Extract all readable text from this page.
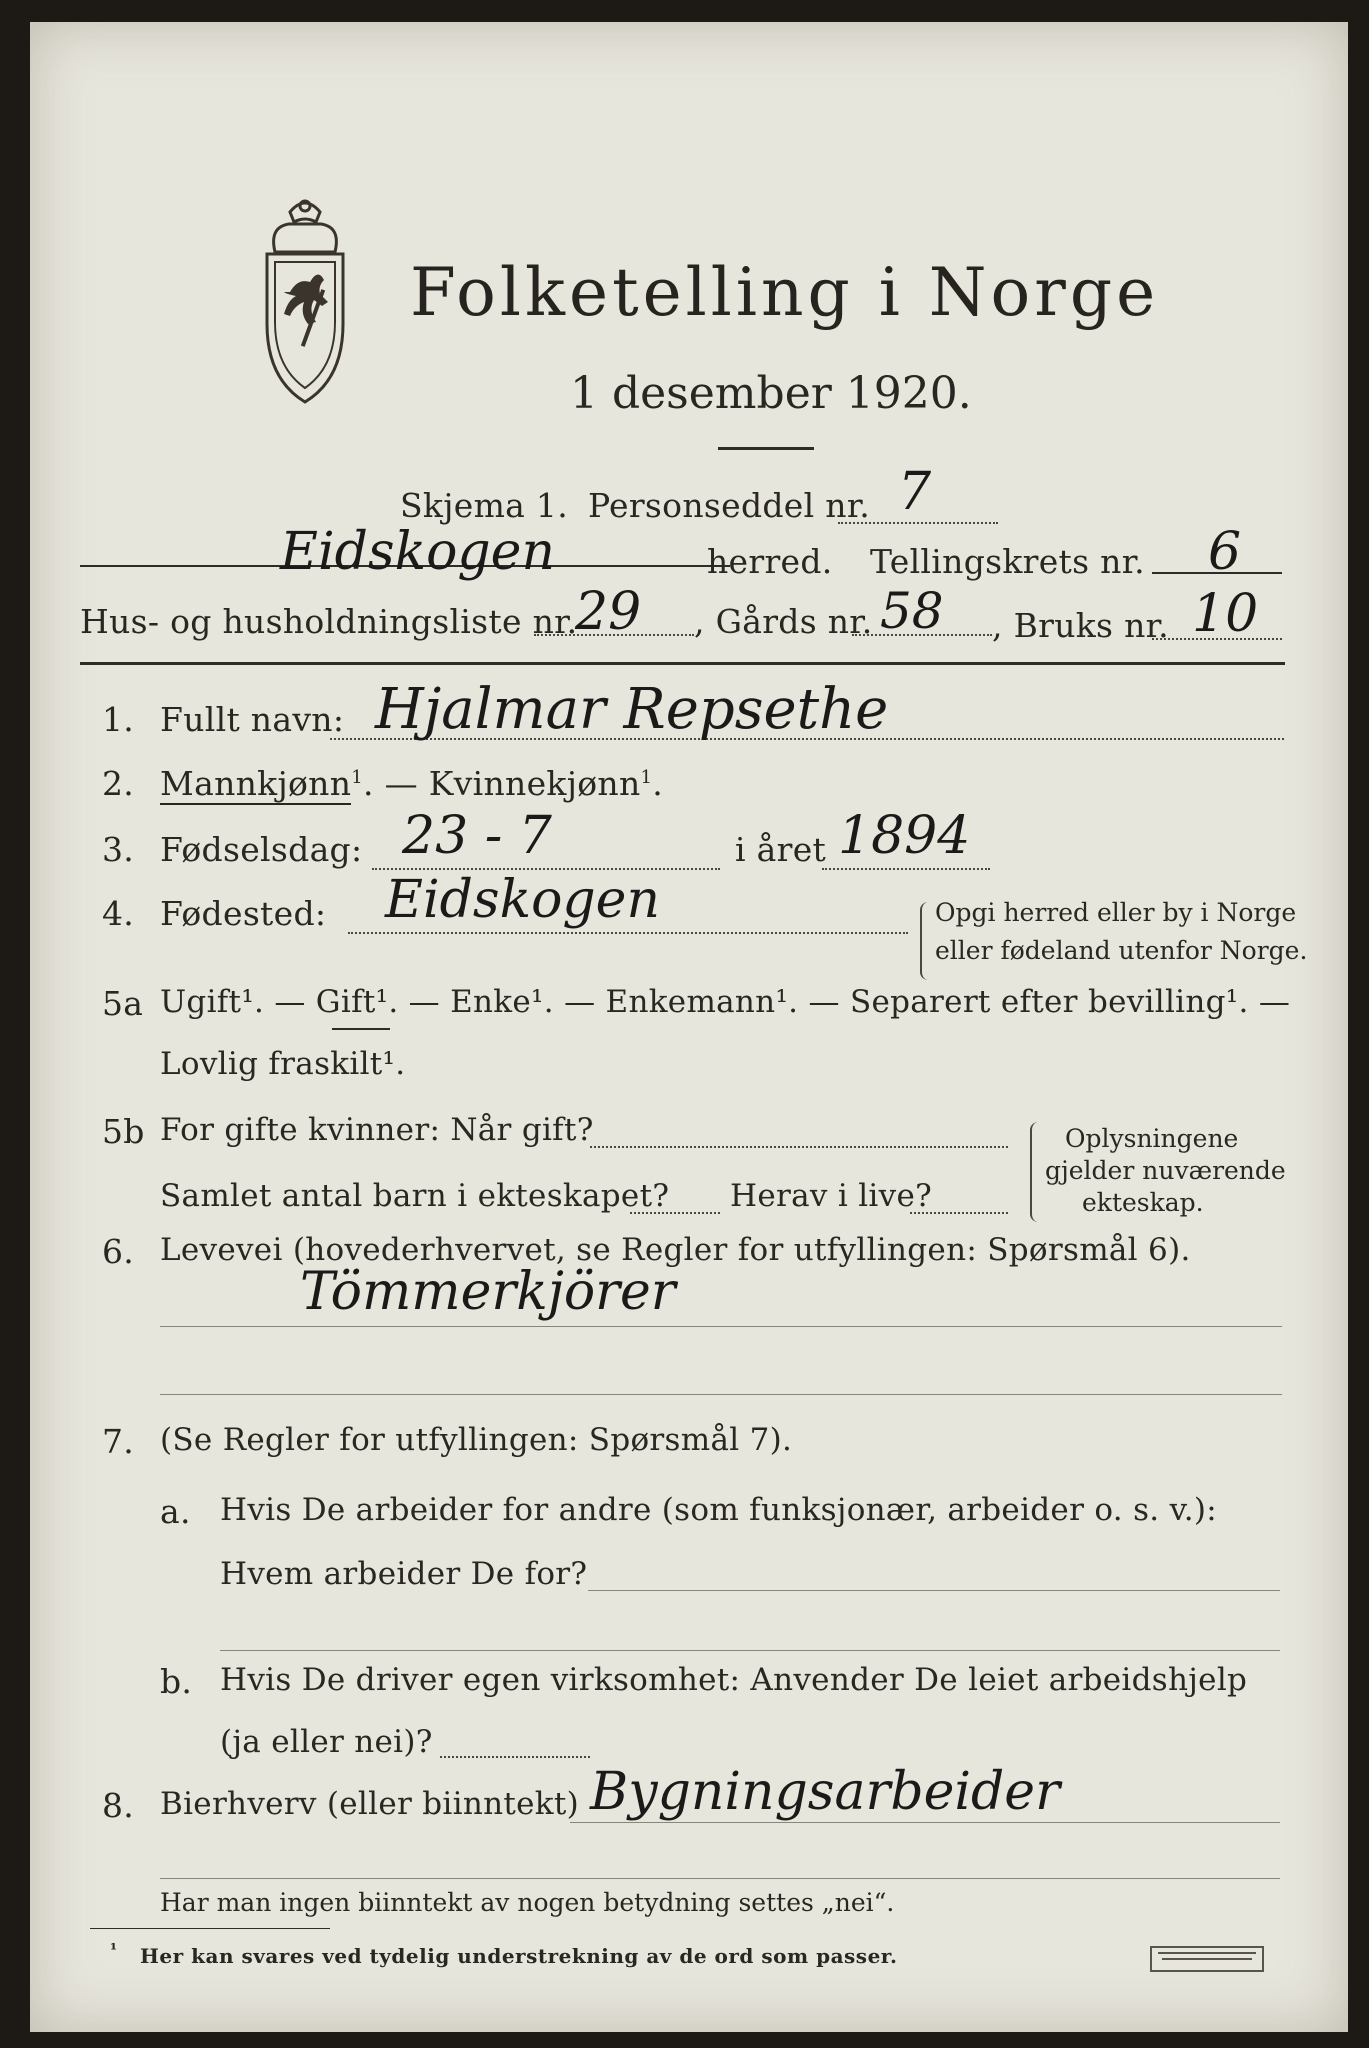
Folketelling i Norge
1 desember 1920.
Skjema 1. Personseddel nr. 7
Eidskogen	herred. Tellingskrets nr. 6
Hus- og husholdningsliste nr.
29 , Gårds nr. 58 , Bruks nr. 10
1. Fullt navn: Hjalmar Repsethe
2. Mannkjønn$^1$. — Kvinnekjønn$^1$.
3. Fødselsdag: 23 - 7	i året 1894
4. Fødested: Eidskogen	Opgi herred eller by i Norge
eller fødeland utenfor Norge.
5a Ugift¹. — Gift¹. — Enke¹. — Enkemann¹. — Separert efter bevilling¹. —
Lovlig fraskilt¹.
5b For gifte kvinner: Når gift?
Samlet antal barn i ekteskapet? Herav i live?
Oplysningene
gjelder nuværende
ekteskap.
6. Levevei (hovederhvervet, se Regler for utfyllingen: Spørsmål 6).
Tömmerkjörer
7. (Se Regler for utfyllingen: Spørsmål 7).
a. Hvis De arbeider for andre (som funksjonær, arbeider o. s. v.):
Hvem arbeider De for?
b. Hvis De driver egen virksomhet: Anvender De leiet arbeidshjelp
(ja eller nei)?
8. Bierhverv (eller biinntekt) Bygningsarbeider
Har man ingen biinntekt av nogen betydning settes „nei“.
¹ Her kan svares ved tydelig understrekning av de ord som passer.
